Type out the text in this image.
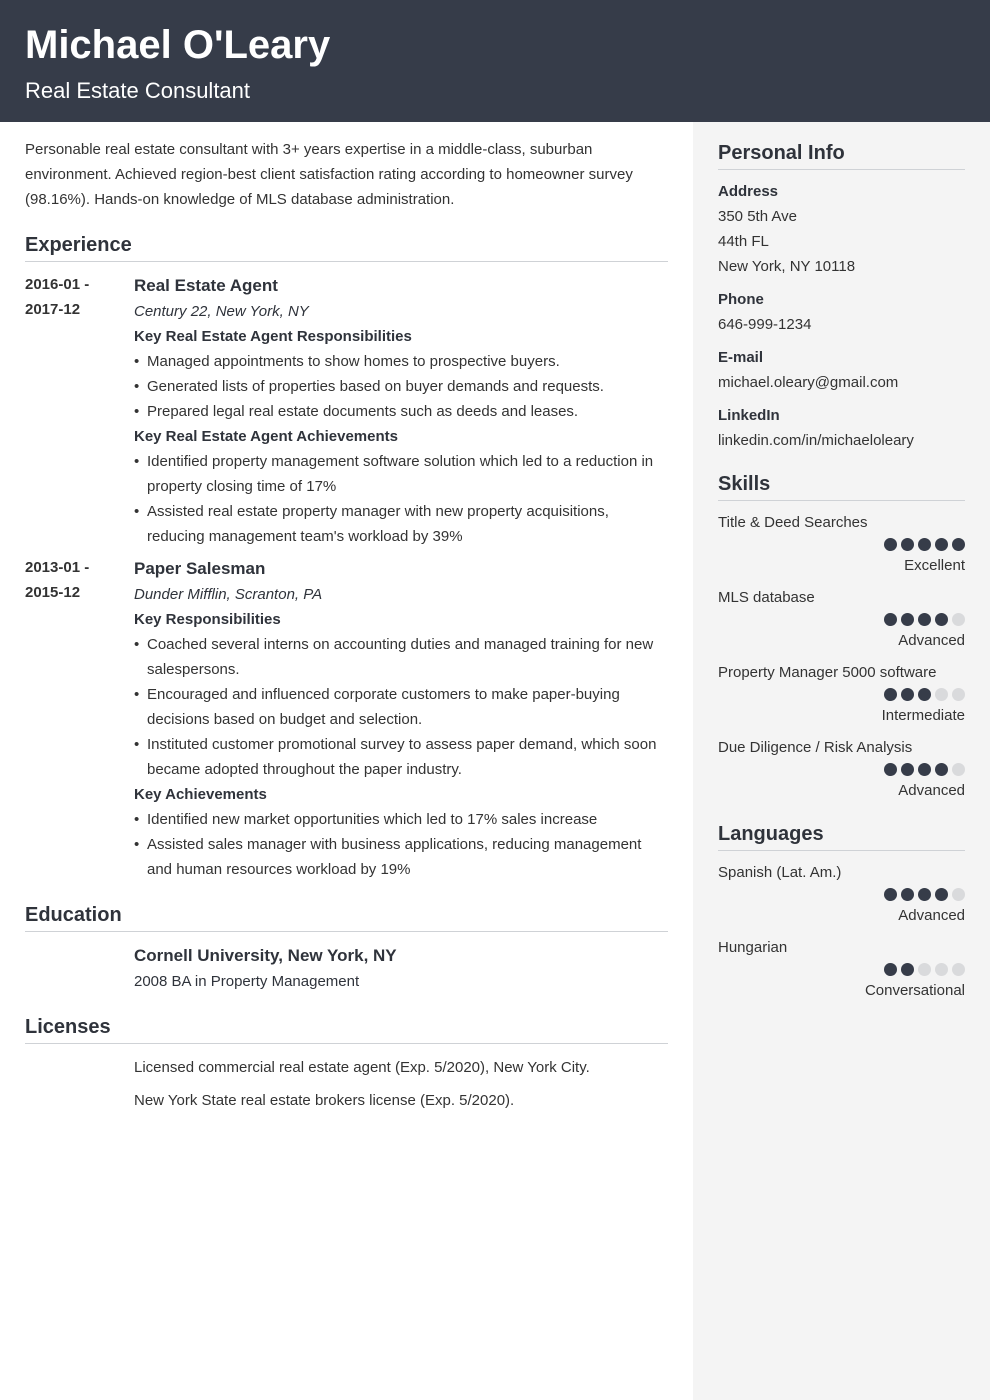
Michael O'Leary
Real Estate Consultant

Personable real estate consultant with 3+ years expertise in a middle-class, suburban environment. Achieved region-best client satisfaction rating according to homeowner survey (98.16%). Hands-on knowledge of MLS database administration.

Experience
2016-01 -
2017-12
Real Estate Agent
Century 22, New York, NY
Key Real Estate Agent Responsibilities
• Managed appointments to show homes to prospective buyers.
• Generated lists of properties based on buyer demands and requests.
• Prepared legal real estate documents such as deeds and leases.
Key Real Estate Agent Achievements
• Identified property management software solution which led to a reduction in property closing time of 17%
• Assisted real estate property manager with new property acquisitions, reducing management team's workload by 39%
2013-01 -
2015-12
Paper Salesman
Dunder Mifflin, Scranton, PA
Key Responsibilities
• Coached several interns on accounting duties and managed training for new salespersons.
• Encouraged and influenced corporate customers to make paper-buying decisions based on budget and selection.
• Instituted customer promotional survey to assess paper demand, which soon became adopted throughout the paper industry.
Key Achievements
• Identified new market opportunities which led to 17% sales increase
• Assisted sales manager with business applications, reducing management and human resources workload by 19%
Education
Cornell University, New York, NY
2008 BA in Property Management
Licenses

Licensed commercial real estate agent (Exp. 5/2020), New York City.

New York State real estate brokers license (Exp. 5/2020).

Personal Info
Address
350 5th Ave
44th FL
New York, NY 10118
Phone
646-999-1234
E-mail
michael.oleary@gmail.com
LinkedIn
linkedin.com/in/michaeloleary
Skills
Title & Deed Searches
Excellent
MLS database
Advanced
Property Manager 5000 software
Intermediate
Due Diligence / Risk Analysis
Advanced
Languages
Spanish (Lat. Am.)
Advanced
Hungarian
Conversational
